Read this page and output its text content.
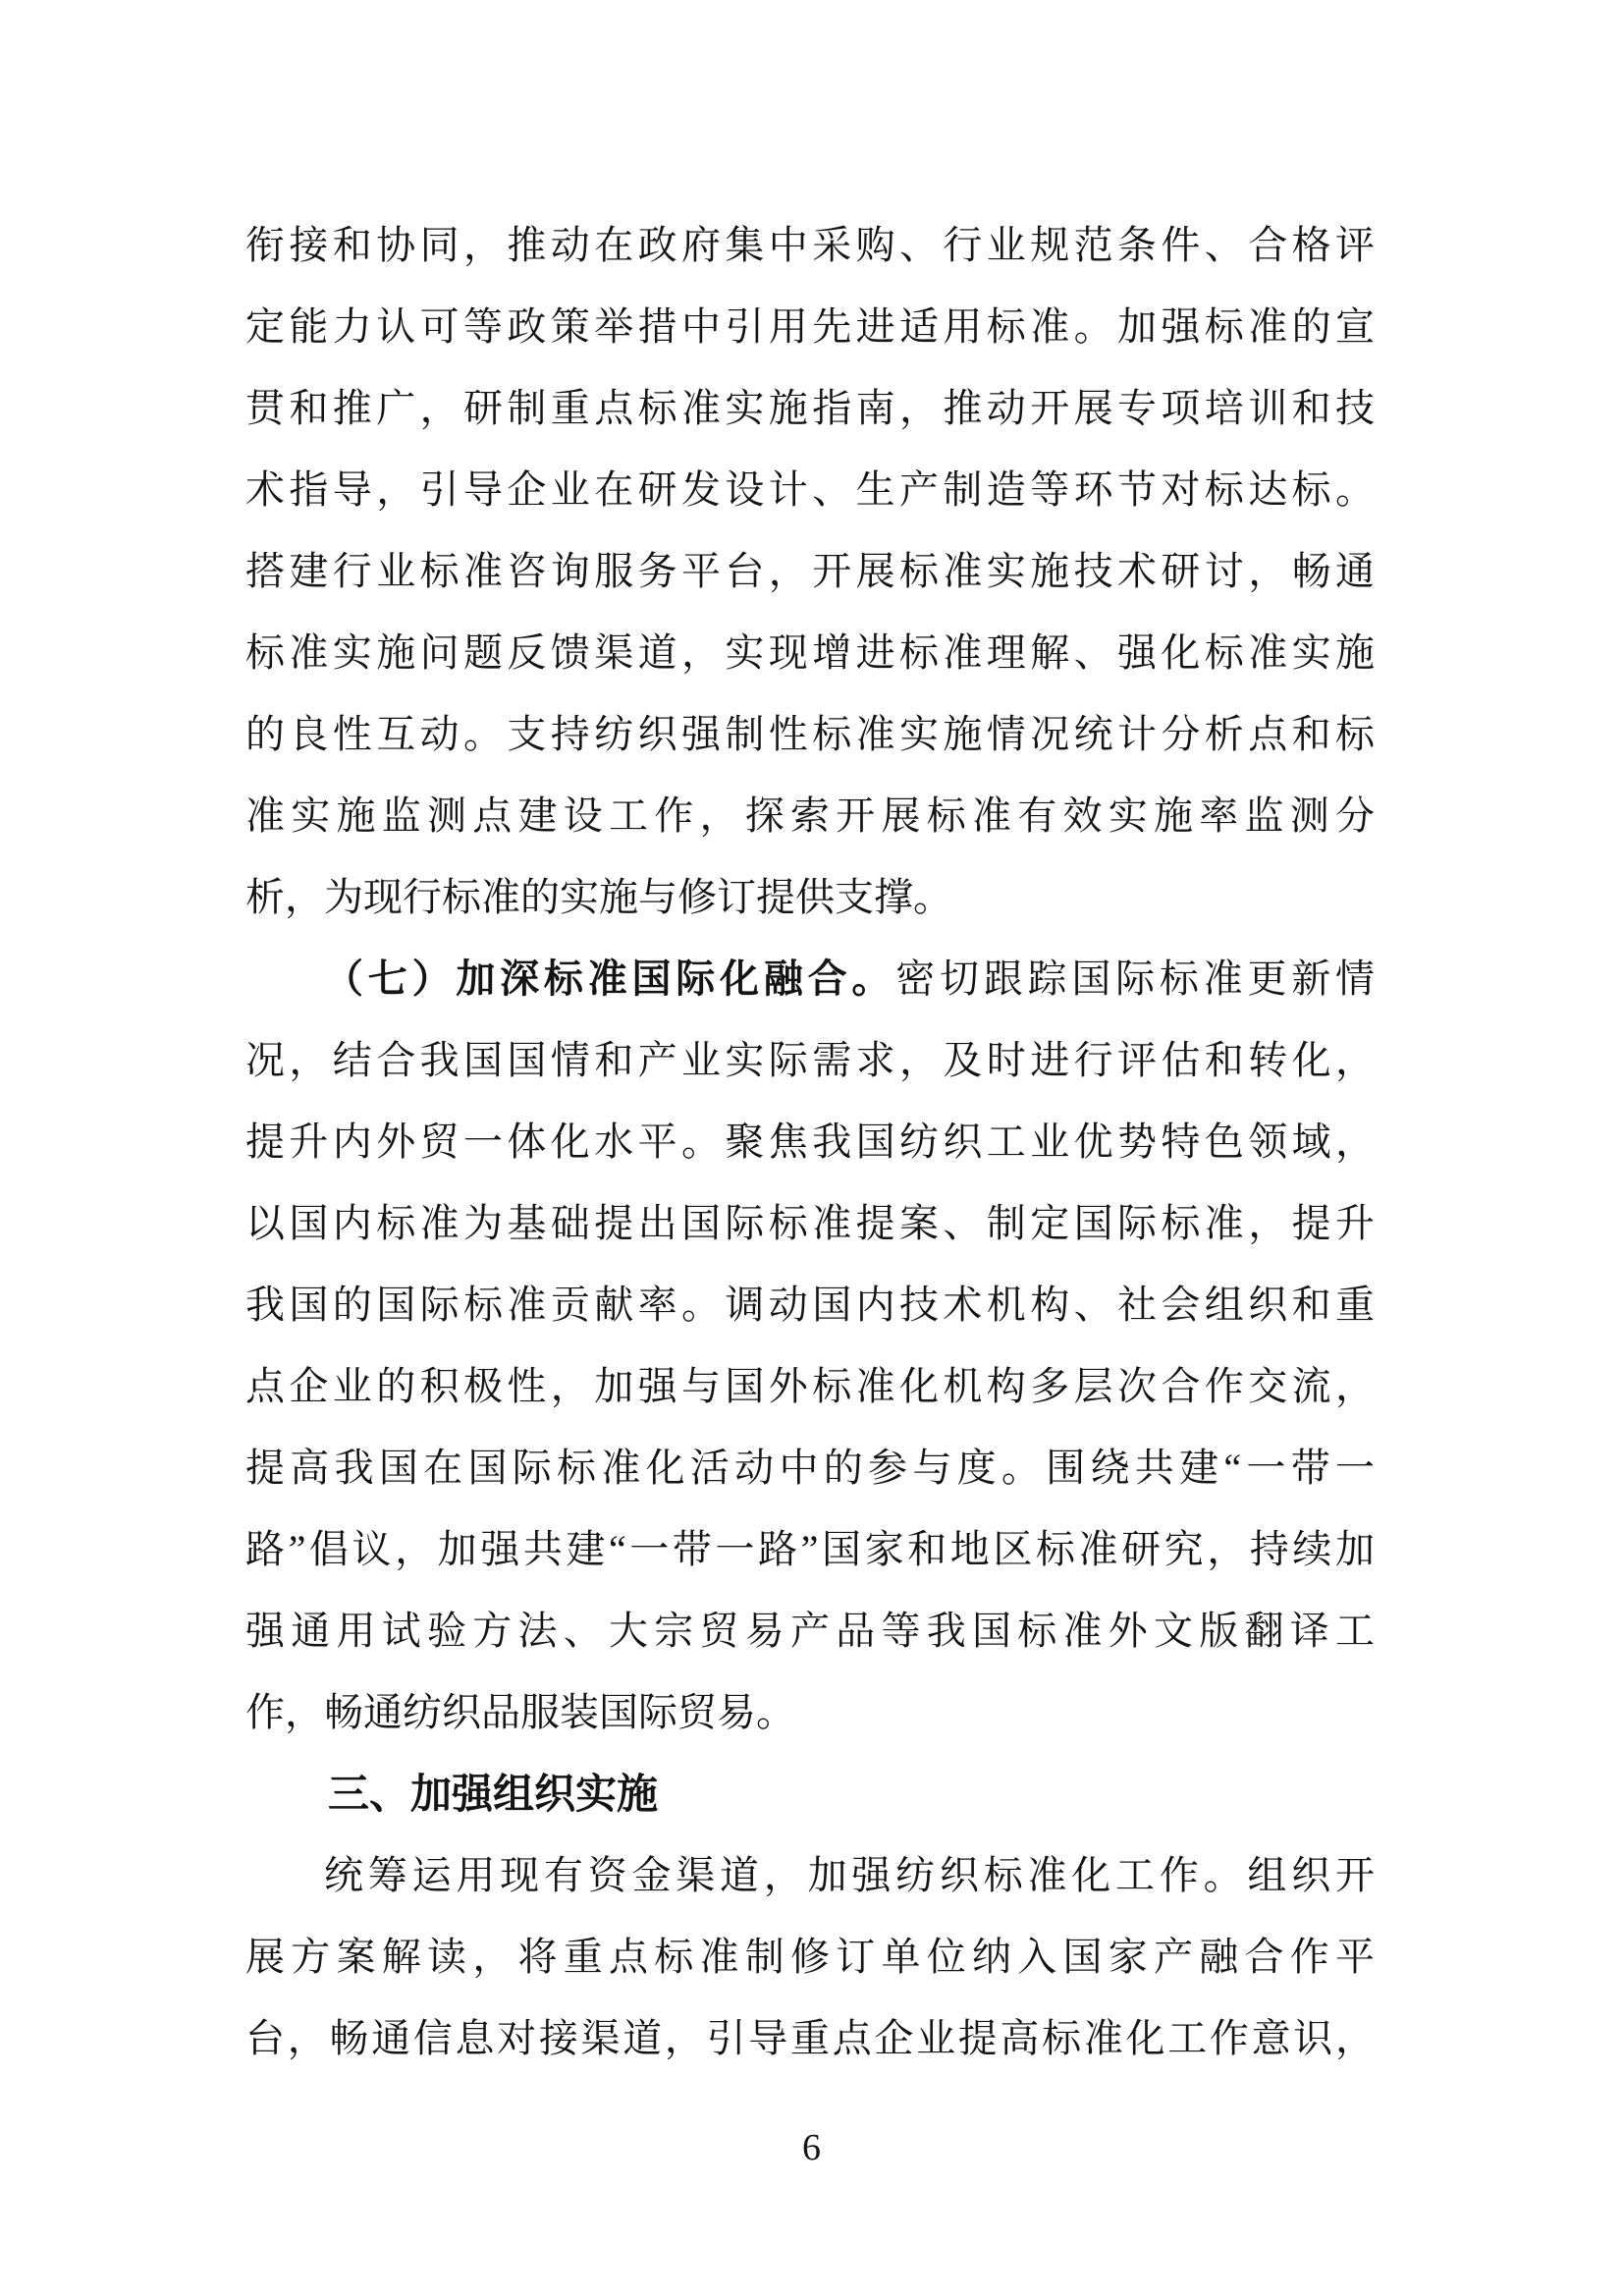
衔接和协同，推动在政府集中采购、行业规范条件、合格评
定能力认可等政策举措中引用先进适用标准。加强标准的宣
贯和推广，研制重点标准实施指南，推动开展专项培训和技
术指导，引导企业在研发设计、生产制造等环节对标达标。
搭建行业标准咨询服务平台，开展标准实施技术研讨，畅通
标准实施问题反馈渠道，实现增进标准理解、强化标准实施
的良性互动。支持纺织强制性标准实施情况统计分析点和标
准实施监测点建设工作，探索开展标准有效实施率监测分
析，为现行标准的实施与修订提供支撑。
（七）加深标准国际化融合。密切跟踪国际标准更新情
况，结合我国国情和产业实际需求，及时进行评估和转化，
提升内外贸一体化水平。聚焦我国纺织工业优势特色领域，
以国内标准为基础提出国际标准提案、制定国际标准，提升
我国的国际标准贡献率。调动国内技术机构、社会组织和重
点企业的积极性，加强与国外标准化机构多层次合作交流，
提高我国在国际标准化活动中的参与度。围绕共建“一带一
路”倡议，加强共建“一带一路”国家和地区标准研究，持续加
强通用试验方法、大宗贸易产品等我国标准外文版翻译工
作，畅通纺织品服装国际贸易。
三、加强组织实施
统筹运用现有资金渠道，加强纺织标准化工作。组织开
展方案解读，将重点标准制修订单位纳入国家产融合作平
台，畅通信息对接渠道，引导重点企业提高标准化工作意识，
6
